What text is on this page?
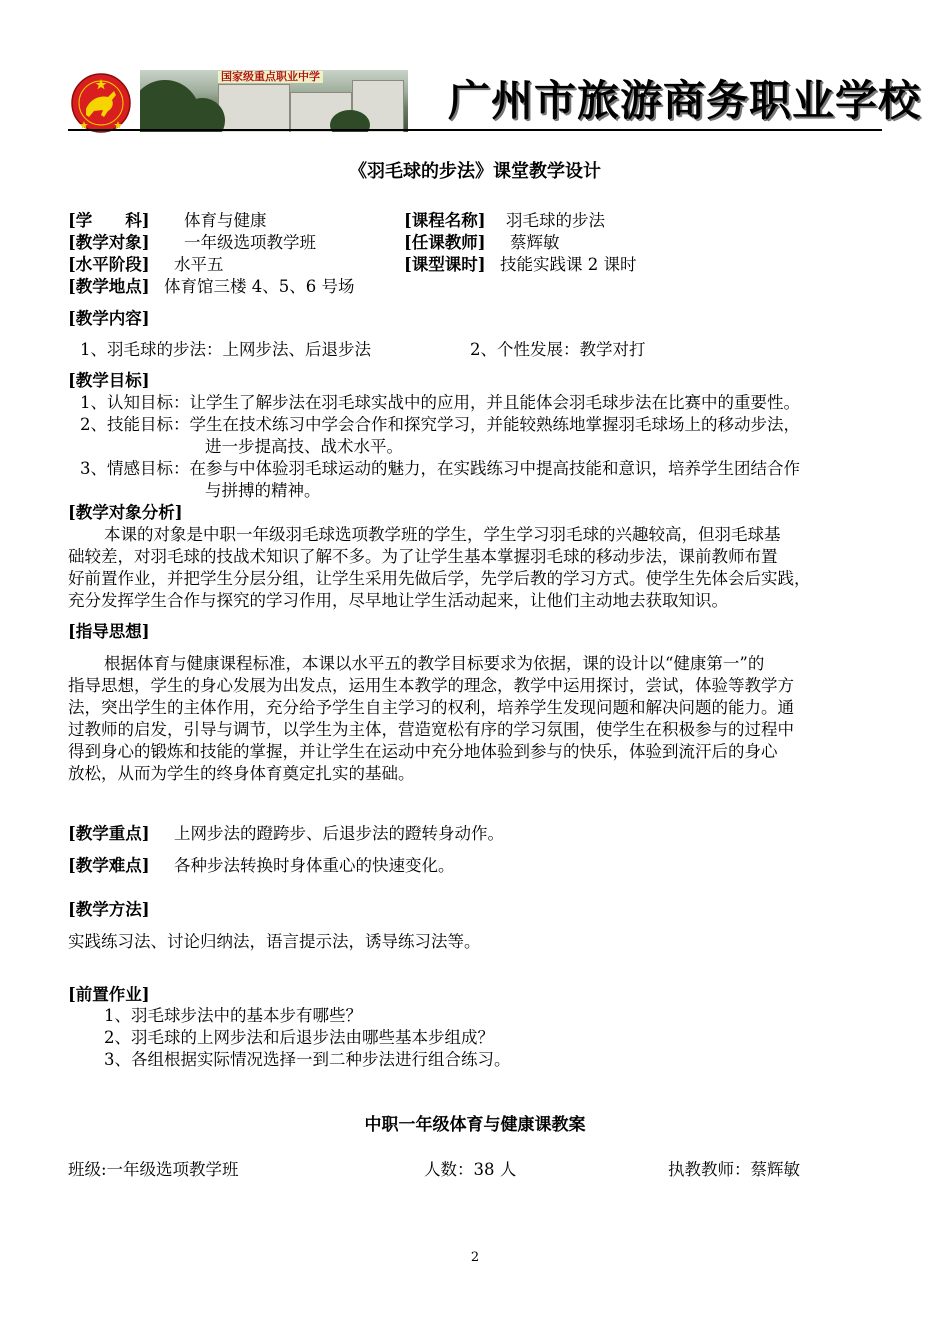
国家级重点职业中学	广州市旅游商务职业学校
《羽毛球的步法》课堂教学设计
[学　　科] 体育与健康	[课程名称] 羽毛球的步法
[教学对象] 一年级选项教学班	[任课教师] 蔡辉敏
[水平阶段] 水平五	[课型课时] 技能实践课 2 课时
[教学地点] 体育馆三楼 4、5、6 号场
[教学内容]
1、羽毛球的步法：上网步法、后退步法	2、个性发展：教学对打
[教学目标]
1、认知目标：让学生了解步法在羽毛球实战中的应用，并且能体会羽毛球步法在比赛中的重要性。
2、技能目标：学生在技术练习中学会合作和探究学习，并能较熟练地掌握羽毛球场上的移动步法，
进一步提高技、战术水平。
3、情感目标：在参与中体验羽毛球运动的魅力，在实践练习中提高技能和意识，培养学生团结合作
与拼搏的精神。
[教学对象分析]
本课的对象是中职一年级羽毛球选项教学班的学生，学生学习羽毛球的兴趣较高，但羽毛球基
础较差，对羽毛球的技战术知识了解不多。为了让学生基本掌握羽毛球的移动步法，课前教师布置
好前置作业，并把学生分层分组，让学生采用先做后学，先学后教的学习方式。使学生先体会后实践，
充分发挥学生合作与探究的学习作用，尽早地让学生活动起来，让他们主动地去获取知识。
[指导思想]
根据体育与健康课程标准，本课以水平五的教学目标要求为依据，课的设计以“健康第一”的
指导思想，学生的身心发展为出发点，运用生本教学的理念，教学中运用探讨，尝试，体验等教学方
法，突出学生的主体作用，充分给予学生自主学习的权利，培养学生发现问题和解决问题的能力。通
过教师的启发，引导与调节，以学生为主体，营造宽松有序的学习氛围，使学生在积极参与的过程中
得到身心的锻炼和技能的掌握，并让学生在运动中充分地体验到参与的快乐，体验到流汗后的身心
放松，从而为学生的终身体育奠定扎实的基础。
[教学重点] 上网步法的蹬跨步、后退步法的蹬转身动作。
[教学难点] 各种步法转换时身体重心的快速变化。
[教学方法]
实践练习法、讨论归纳法，语言提示法，诱导练习法等。
[前置作业]
1、羽毛球步法中的基本步有哪些？
2、羽毛球的上网步法和后退步法由哪些基本步组成？
3、各组根据实际情况选择一到二种步法进行组合练习。
中职一年级体育与健康课教案
班级:一年级选项教学班	人数：38 人	执教教师：蔡辉敏
2
